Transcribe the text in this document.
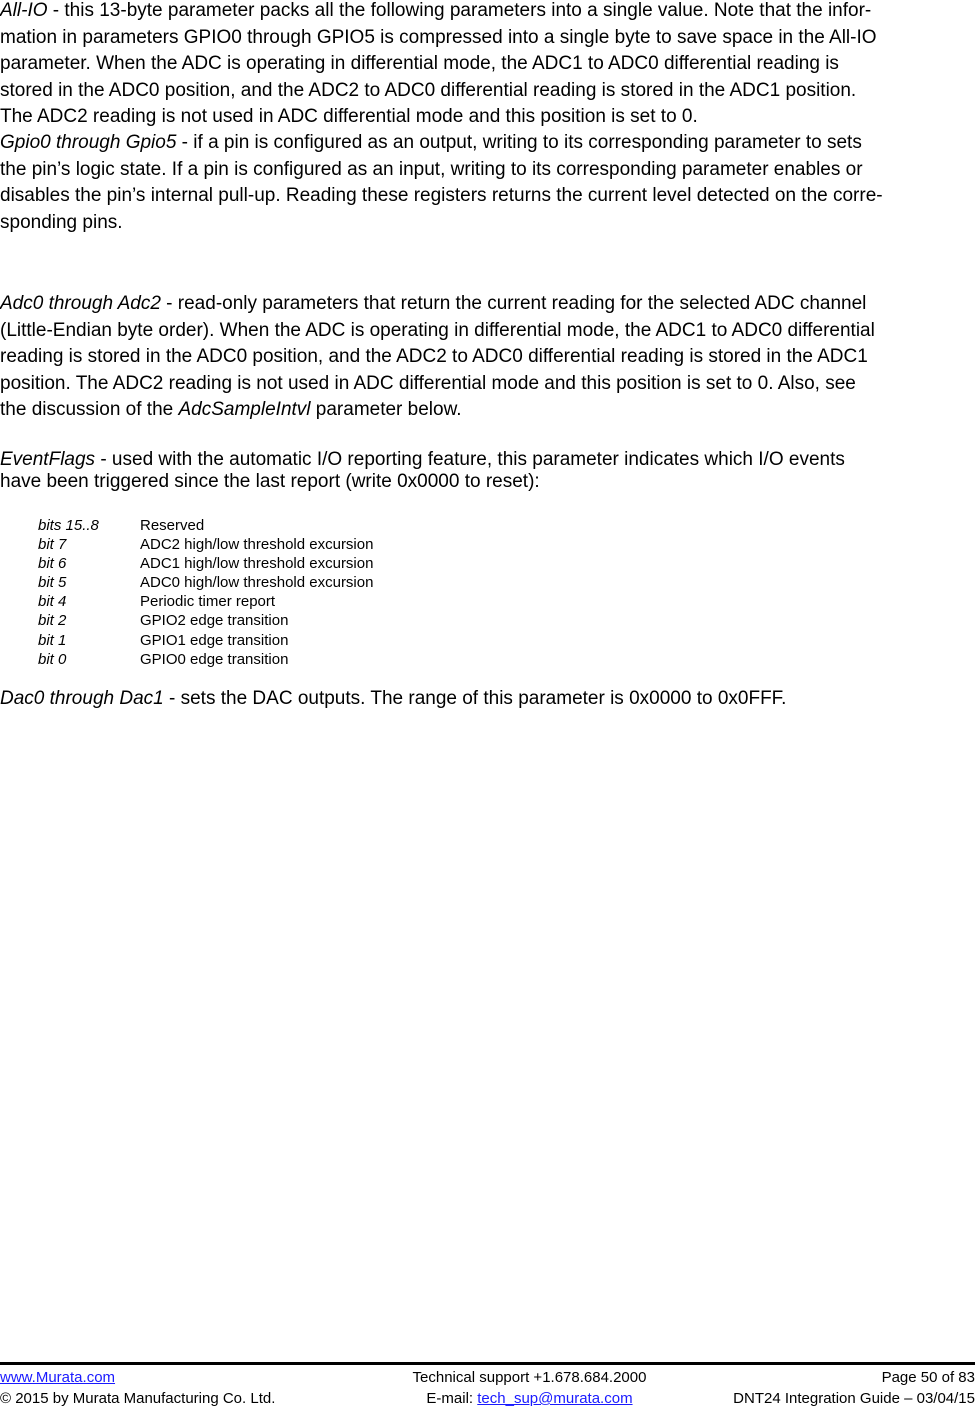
All-IO - this 13-byte parameter packs all the following parameters into a single value. Note that the infor-
mation in parameters GPIO0 through GPIO5 is compressed into a single byte to save space in the All-IO
parameter. When the ADC is operating in differential mode, the ADC1 to ADC0 differential reading is
stored in the ADC0 position, and the ADC2 to ADC0 differential reading is stored in the ADC1 position.
The ADC2 reading is not used in ADC differential mode and this position is set to 0.

Gpio0 through Gpio5 - if a pin is configured as an output, writing to its corresponding parameter to sets
the pin’s logic state. If a pin is configured as an input, writing to its corresponding parameter enables or
disables the pin’s internal pull-up. Reading these registers returns the current level detected on the corre-
sponding pins.

Adc0 through Adc2 - read-only parameters that return the current reading for the selected ADC channel
(Little-Endian byte order). When the ADC is operating in differential mode, the ADC1 to ADC0 differential
reading is stored in the ADC0 position, and the ADC2 to ADC0 differential reading is stored in the ADC1
position. The ADC2 reading is not used in ADC differential mode and this position is set to 0. Also, see
the discussion of the AdcSampleIntvl parameter below.

EventFlags - used with the automatic I/O reporting feature, this parameter indicates which I/O events
have been triggered since the last report (write 0x0000 to reset):

bits 15..8	Reserved
bit 7	ADC2 high/low threshold excursion
bit 6	ADC1 high/low threshold excursion
bit 5	ADC0 high/low threshold excursion
bit 4	Periodic timer report
bit 2	GPIO2 edge transition
bit 1	GPIO1 edge transition
bit 0	GPIO0 edge transition

Dac0 through Dac1 - sets the DAC outputs. The range of this parameter is 0x0000 to 0x0FFF.

www.Murata.com
© 2015 by Murata Manufacturing Co. Ltd.
Technical support +1.678.684.2000
E-mail: tech_sup@murata.com
Page 50 of 83
DNT24 Integration Guide – 03/04/15
